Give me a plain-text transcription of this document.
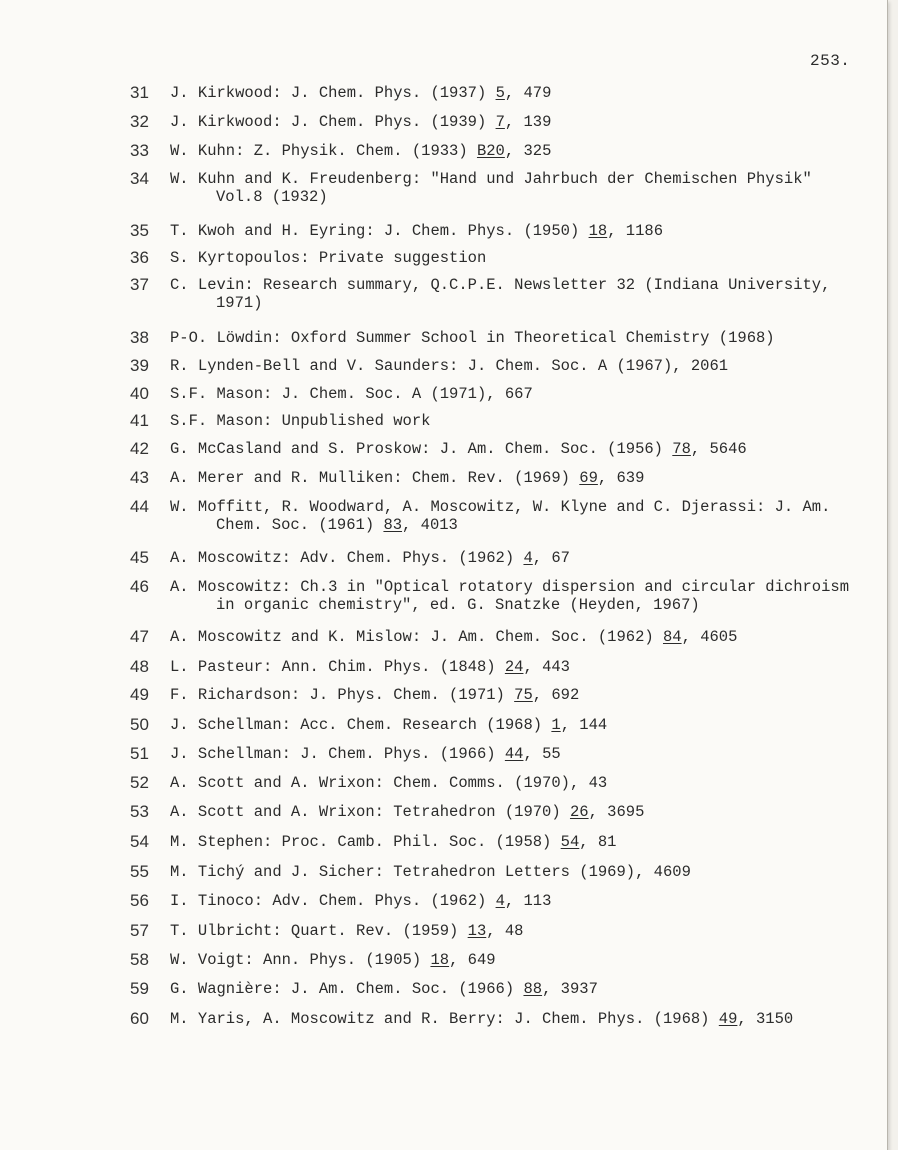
253.
31 J. Kirkwood: J. Chem. Phys. (1937) 5, 479
32 J. Kirkwood: J. Chem. Phys. (1939) 7, 139
33 W. Kuhn: Z. Physik. Chem. (1933) B20, 325
34 W. Kuhn and K. Freudenberg: "Hand und Jahrbuch der Chemischen Physik"
Vol.8 (1932)
35 T. Kwoh and H. Eyring: J. Chem. Phys. (1950) 18, 1186
36 S. Kyrtopoulos: Private suggestion
37 C. Levin: Research summary, Q.C.P.E. Newsletter 32 (Indiana University,
1971)
38 P-O. Löwdin: Oxford Summer School in Theoretical Chemistry (1968)
39 R. Lynden-Bell and V. Saunders: J. Chem. Soc. A (1967), 2061
40 S.F. Mason: J. Chem. Soc. A (1971), 667
41 S.F. Mason: Unpublished work
42 G. McCasland and S. Proskow: J. Am. Chem. Soc. (1956) 78, 5646
43 A. Merer and R. Mulliken: Chem. Rev. (1969) 69, 639
44 W. Moffitt, R. Woodward, A. Moscowitz, W. Klyne and C. Djerassi: J. Am.
Chem. Soc. (1961) 83, 4013
45 A. Moscowitz: Adv. Chem. Phys. (1962) 4, 67
46 A. Moscowitz: Ch.3 in "Optical rotatory dispersion and circular dichroism
in organic chemistry", ed. G. Snatzke (Heyden, 1967)
47 A. Moscowitz and K. Mislow: J. Am. Chem. Soc. (1962) 84, 4605
48 L. Pasteur: Ann. Chim. Phys. (1848) 24, 443
49 F. Richardson: J. Phys. Chem. (1971) 75, 692
50 J. Schellman: Acc. Chem. Research (1968) 1, 144
51 J. Schellman: J. Chem. Phys. (1966) 44, 55
52 A. Scott and A. Wrixon: Chem. Comms. (1970), 43
53 A. Scott and A. Wrixon: Tetrahedron (1970) 26, 3695
54 M. Stephen: Proc. Camb. Phil. Soc. (1958) 54, 81
55 M. Tichý and J. Sicher: Tetrahedron Letters (1969), 4609
56 I. Tinoco: Adv. Chem. Phys. (1962) 4, 113
57 T. Ulbricht: Quart. Rev. (1959) 13, 48
58 W. Voigt: Ann. Phys. (1905) 18, 649
59 G. Wagnière: J. Am. Chem. Soc. (1966) 88, 3937
60 M. Yaris, A. Moscowitz and R. Berry: J. Chem. Phys. (1968) 49, 3150
